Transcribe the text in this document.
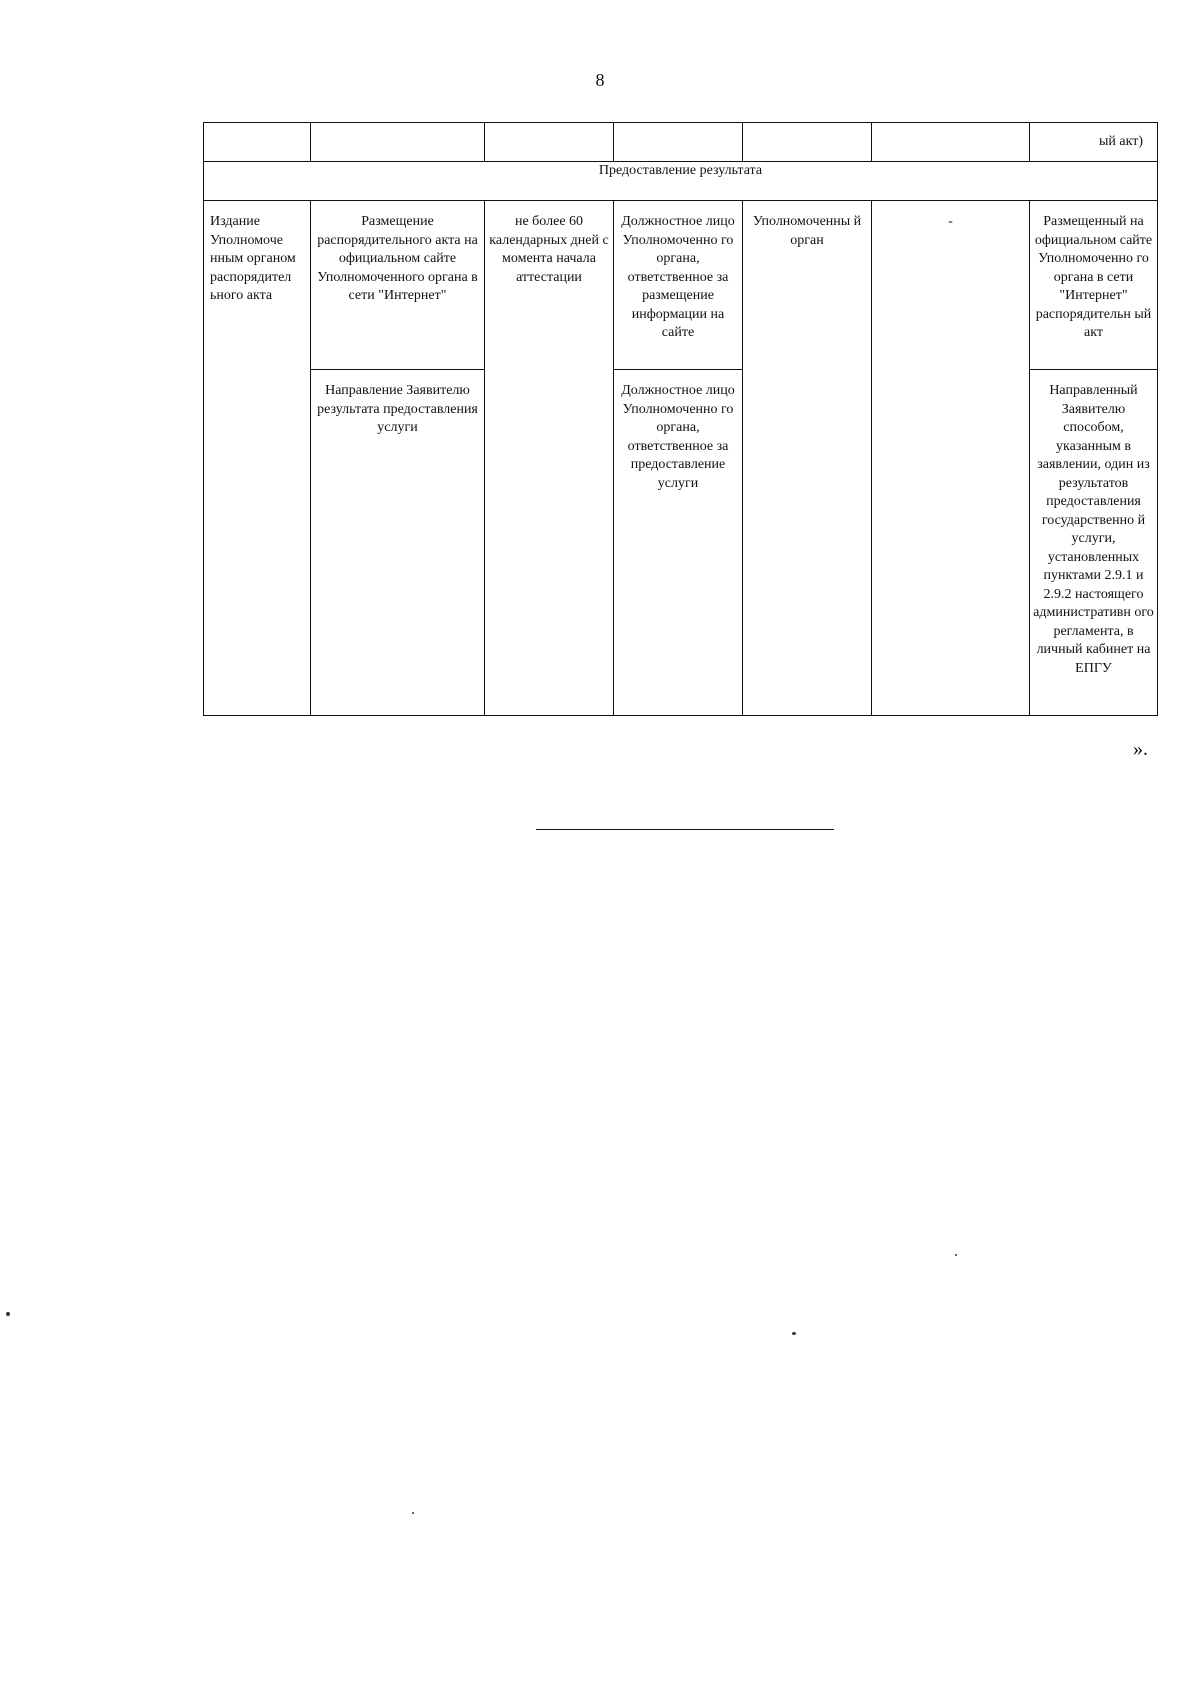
8
						ый акт)
Предоставление результата						
Издание Уполномоче нным органом распорядител ьного акта	Размещение распорядительного акта на официальном сайте Уполномоченного органа в сети "Интернет"	не более 60 календарных дней с момента начала аттестации	Должностное лицо Уполномоченно го органа, ответственное за размещение информации на сайте	Уполномоченны й орган	-	Размещенный на официальном сайте Уполномоченно го органа в сети "Интернет" распорядительн ый акт
	Направление Заявителю результата предоставления услуги		Должностное лицо Уполномоченно го органа, ответственное за предоставление услуги			Направленный Заявителю способом, указанным в заявлении, один из результатов предоставления государственно й услуги, установленных пунктами 2.9.1 и 2.9.2 настоящего административн ого регламента, в личный кабинет на ЕПГУ
».
